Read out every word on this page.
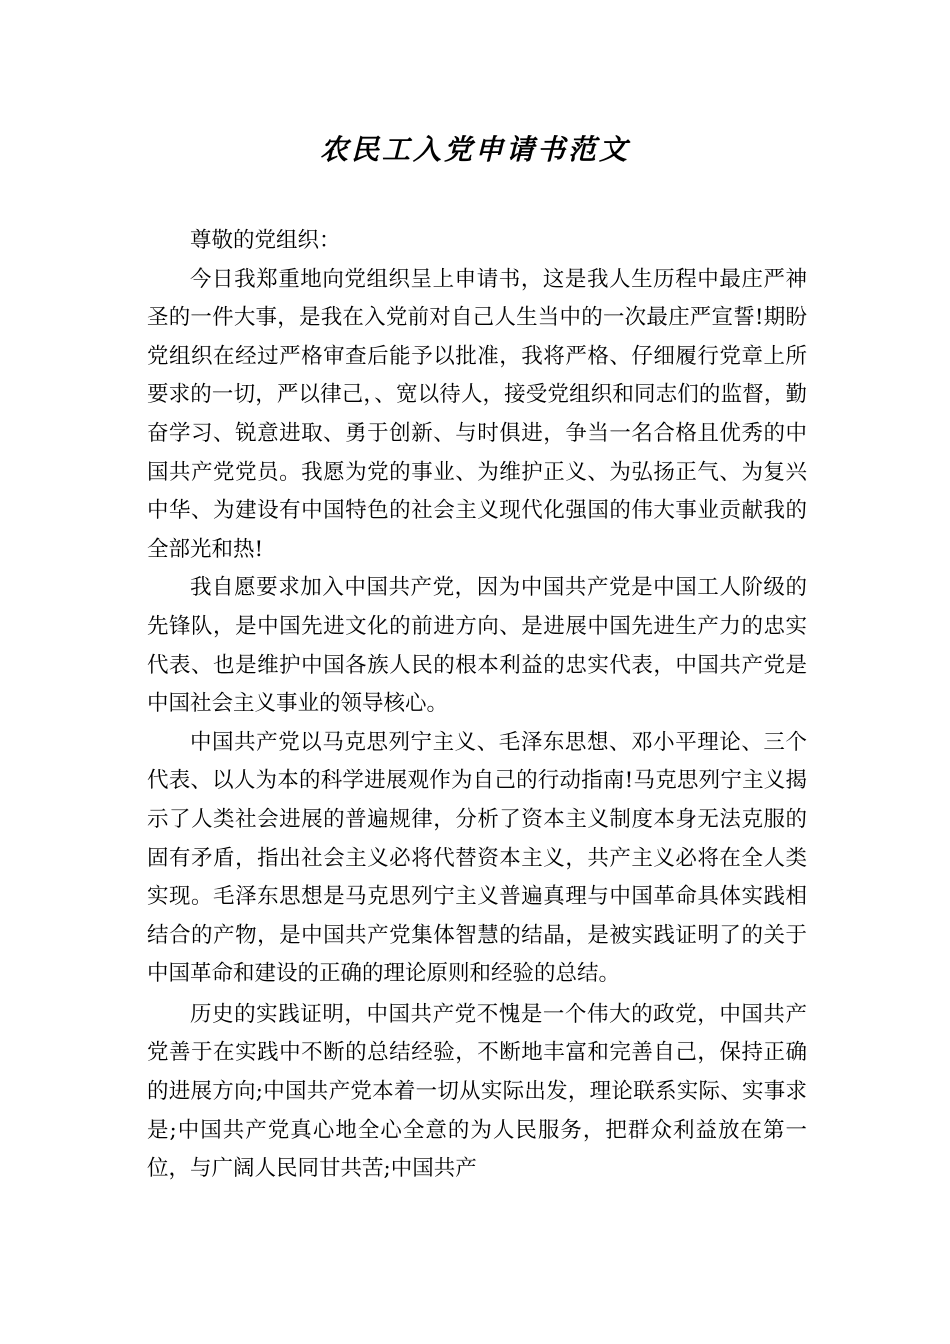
农民工入党申请书范文

尊敬的党组织：

今日我郑重地向党组织呈上申请书，这是我人生历程中最庄严神圣的一件大事，是我在入党前对自己人生当中的一次最庄严宣誓!期盼党组织在经过严格审查后能予以批准，我将严格、仔细履行党章上所要求的一切，严以律己，、宽以待人，接受党组织和同志们的监督，勤奋学习、锐意进取、勇于创新、与时俱进，争当一名合格且优秀的中国共产党党员。我愿为党的事业、为维护正义、为弘扬正气、为复兴中华、为建设有中国特色的社会主义现代化强国的伟大事业贡献我的全部光和热!

我自愿要求加入中国共产党，因为中国共产党是中国工人阶级的先锋队，是中国先进文化的前进方向、是进展中国先进生产力的忠实代表、也是维护中国各族人民的根本利益的忠实代表，中国共产党是中国社会主义事业的领导核心。

中国共产党以马克思列宁主义、毛泽东思想、邓小平理论、三个代表、以人为本的科学进展观作为自己的行动指南!马克思列宁主义揭示了人类社会进展的普遍规律，分析了资本主义制度本身无法克服的固有矛盾，指出社会主义必将代替资本主义，共产主义必将在全人类实现。毛泽东思想是马克思列宁主义普遍真理与中国革命具体实践相结合的产物，是中国共产党集体智慧的结晶，是被实践证明了的关于中国革命和建设的正确的理论原则和经验的总结。

历史的实践证明，中国共产党不愧是一个伟大的政党，中国共产党善于在实践中不断的总结经验，不断地丰富和完善自己，保持正确的进展方向;中国共产党本着一切从实际出发，理论联系实际、实事求是;中国共产党真心地全心全意的为人民服务，把群众利益放在第一位，与广阔人民同甘共苦;中国共产
